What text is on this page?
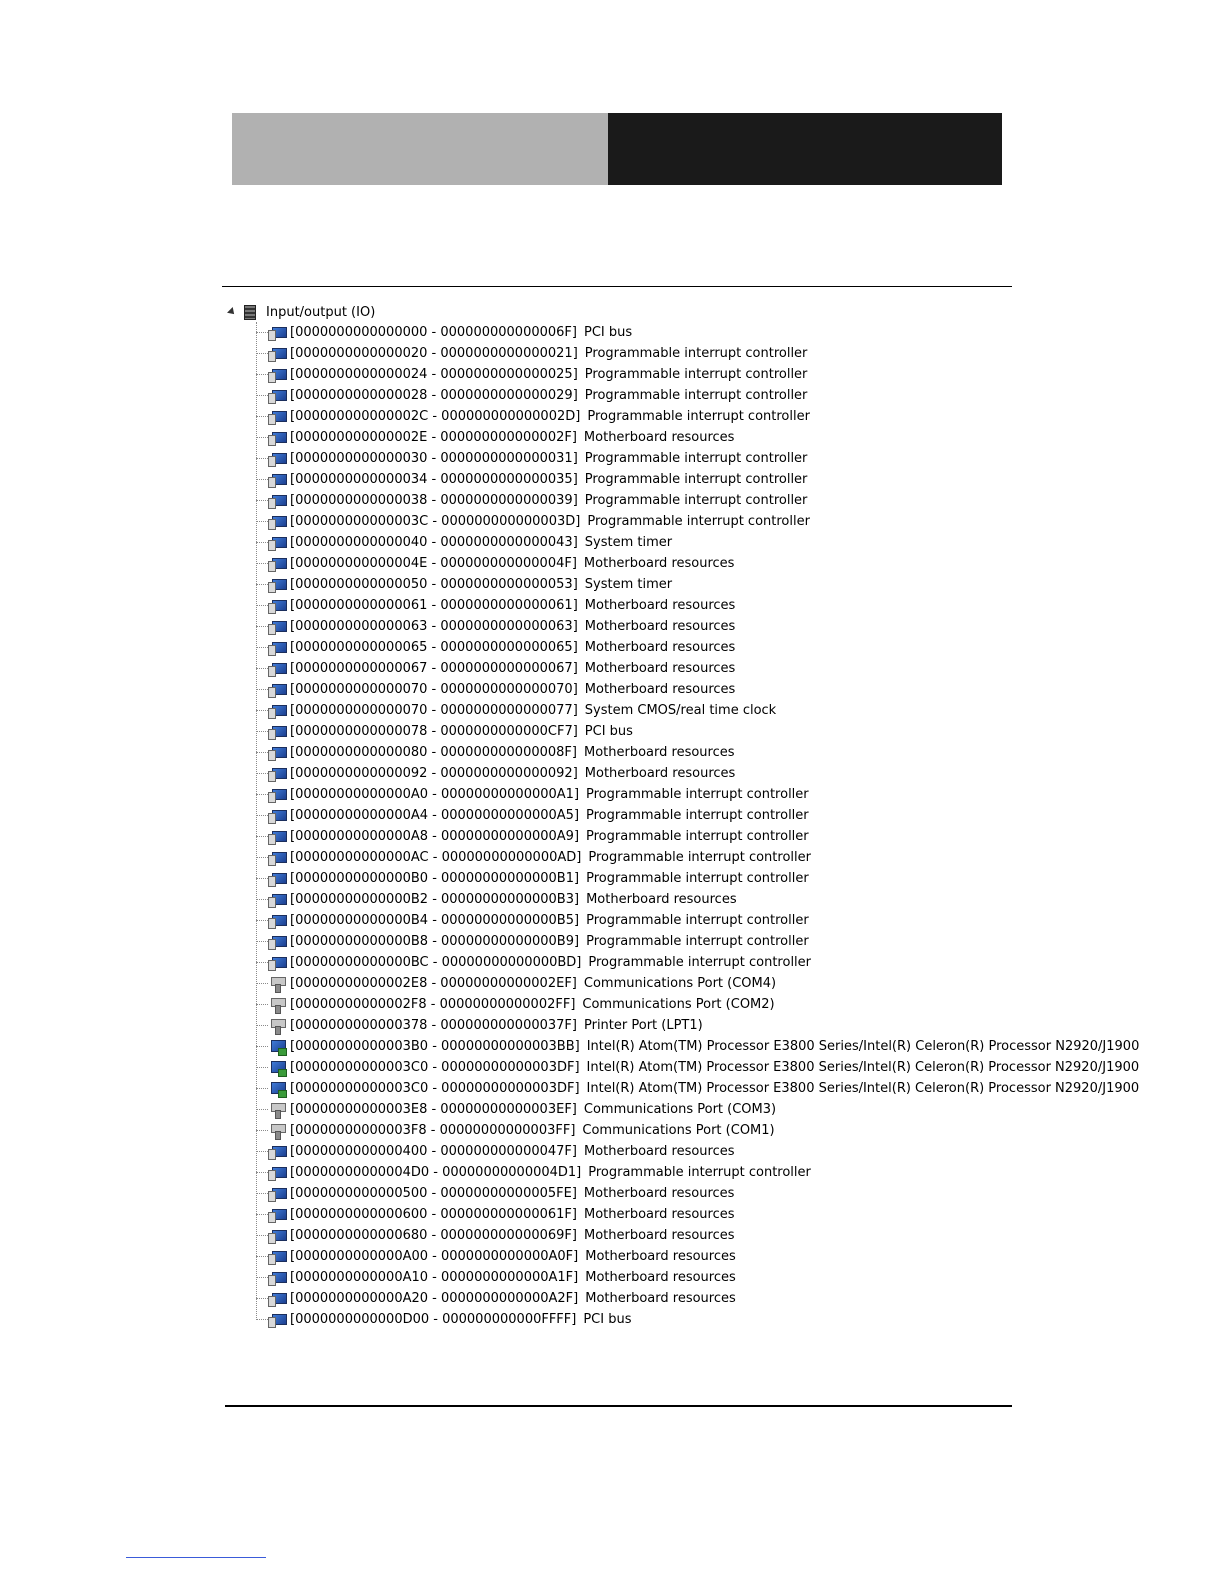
Input/output (IO)
[0000000000000000 - 000000000000006F] PCI bus
[0000000000000020 - 0000000000000021] Programmable interrupt controller
[0000000000000024 - 0000000000000025] Programmable interrupt controller
[0000000000000028 - 0000000000000029] Programmable interrupt controller
[000000000000002C - 000000000000002D] Programmable interrupt controller
[000000000000002E - 000000000000002F] Motherboard resources
[0000000000000030 - 0000000000000031] Programmable interrupt controller
[0000000000000034 - 0000000000000035] Programmable interrupt controller
[0000000000000038 - 0000000000000039] Programmable interrupt controller
[000000000000003C - 000000000000003D] Programmable interrupt controller
[0000000000000040 - 0000000000000043] System timer
[000000000000004E - 000000000000004F] Motherboard resources
[0000000000000050 - 0000000000000053] System timer
[0000000000000061 - 0000000000000061] Motherboard resources
[0000000000000063 - 0000000000000063] Motherboard resources
[0000000000000065 - 0000000000000065] Motherboard resources
[0000000000000067 - 0000000000000067] Motherboard resources
[0000000000000070 - 0000000000000070] Motherboard resources
[0000000000000070 - 0000000000000077] System CMOS/real time clock
[0000000000000078 - 0000000000000CF7] PCI bus
[0000000000000080 - 000000000000008F] Motherboard resources
[0000000000000092 - 0000000000000092] Motherboard resources
[00000000000000A0 - 00000000000000A1] Programmable interrupt controller
[00000000000000A4 - 00000000000000A5] Programmable interrupt controller
[00000000000000A8 - 00000000000000A9] Programmable interrupt controller
[00000000000000AC - 00000000000000AD] Programmable interrupt controller
[00000000000000B0 - 00000000000000B1] Programmable interrupt controller
[00000000000000B2 - 00000000000000B3] Motherboard resources
[00000000000000B4 - 00000000000000B5] Programmable interrupt controller
[00000000000000B8 - 00000000000000B9] Programmable interrupt controller
[00000000000000BC - 00000000000000BD] Programmable interrupt controller
[00000000000002E8 - 00000000000002EF] Communications Port (COM4)
[00000000000002F8 - 00000000000002FF] Communications Port (COM2)
[0000000000000378 - 000000000000037F] Printer Port (LPT1)
[00000000000003B0 - 00000000000003BB] Intel(R) Atom(TM) Processor E3800 Series/Intel(R) Celeron(R) Processor N2920/J1900
[00000000000003C0 - 00000000000003DF] Intel(R) Atom(TM) Processor E3800 Series/Intel(R) Celeron(R) Processor N2920/J1900
[00000000000003C0 - 00000000000003DF] Intel(R) Atom(TM) Processor E3800 Series/Intel(R) Celeron(R) Processor N2920/J1900
[00000000000003E8 - 00000000000003EF] Communications Port (COM3)
[00000000000003F8 - 00000000000003FF] Communications Port (COM1)
[0000000000000400 - 000000000000047F] Motherboard resources
[00000000000004D0 - 00000000000004D1] Programmable interrupt controller
[0000000000000500 - 00000000000005FE] Motherboard resources
[0000000000000600 - 000000000000061F] Motherboard resources
[0000000000000680 - 000000000000069F] Motherboard resources
[0000000000000A00 - 0000000000000A0F] Motherboard resources
[0000000000000A10 - 0000000000000A1F] Motherboard resources
[0000000000000A20 - 0000000000000A2F] Motherboard resources
[0000000000000D00 - 000000000000FFFF] PCI bus
